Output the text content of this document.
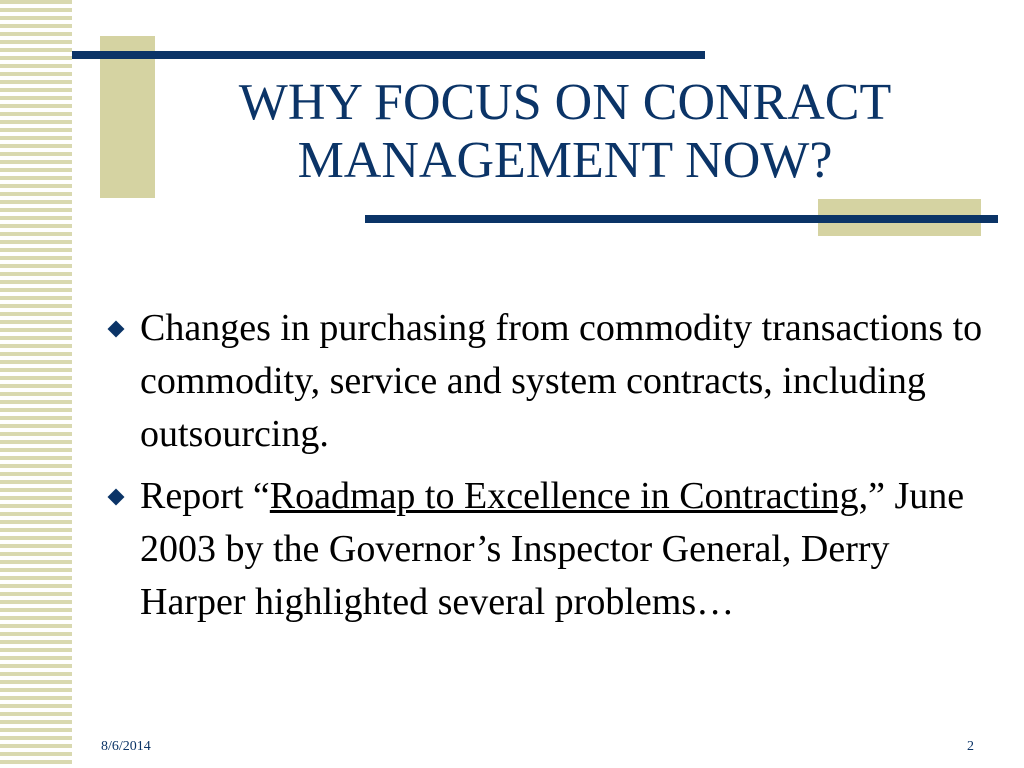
WHY FOCUS ON CONRACT
MANAGEMENT NOW?
Changes in purchasing from commodity transactions to commodity, service and system contracts, including outsourcing.
Report “Roadmap to Excellence in Contracting,” June 2003 by the Governor’s Inspector General, Derry Harper highlighted several problems…
8/6/2014	2
